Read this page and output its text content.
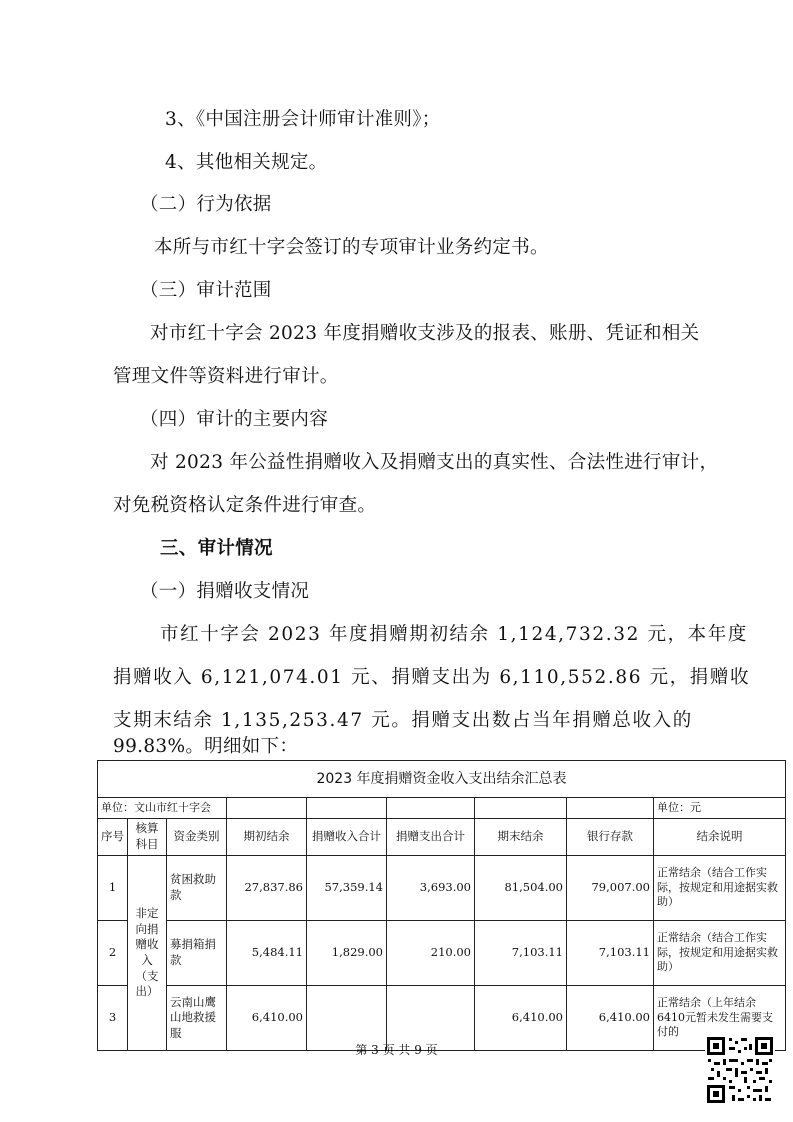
3、《中国注册会计师审计准则》；
4、其他相关规定。
（二）行为依据
本所与市红十字会签订的专项审计业务约定书。
（三）审计范围
对市红十字会 2023 年度捐赠收支涉及的报表、账册、凭证和相关
管理文件等资料进行审计。
（四）审计的主要内容
对 2023 年公益性捐赠收入及捐赠支出的真实性、合法性进行审计，
对免税资格认定条件进行审查。
三、审计情况
（一）捐赠收支情况
市红十字会 2023 年度捐赠期初结余 1,124,732.32 元，本年度
捐赠收入 6,121,074.01 元、捐赠支出为 6,110,552.86 元，捐赠收
支期末结余 1,135,253.47 元。捐赠支出数占当年捐赠总收入的
99.83%。明细如下：
2023 年度捐赠资金收入支出结余汇总表								
单位：文山市红十字会								单位：元
序号	核算科目	资金类别	期初结余	捐赠收入合计	捐赠支出合计	期末结余	银行存款	结余说明
1	非定向捐赠收入（支出）	贫困救助款	27,837.86	57,359.14	3,693.00	81,504.00	79,007.00	正常结余（结合工作实际，按规定和用途据实救助）
2		募捐箱捐款	5,484.11	1,829.00	210.00	7,103.11	7,103.11	正常结余（结合工作实际，按规定和用途据实救助）
3		云南山鹰山地救援服	6,410.00			6,410.00	6,410.00	正常结余（上年结余6410元暂未发生需要支付的
第 3 页 共 9 页
